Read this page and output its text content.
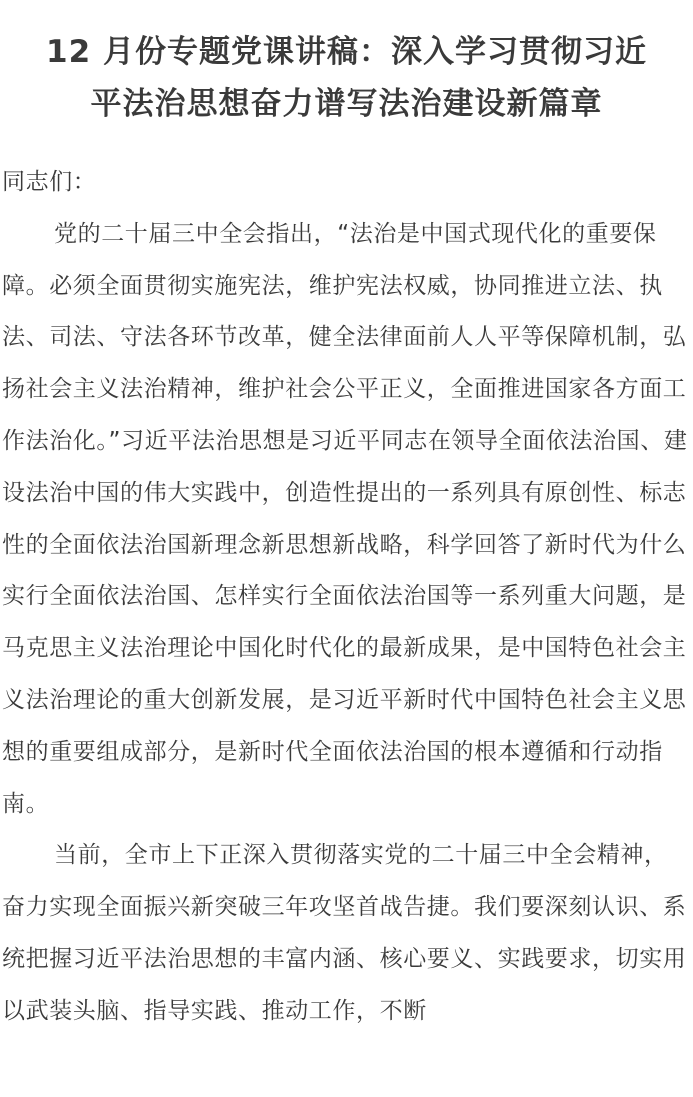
12 月份专题党课讲稿：深入学习贯彻习近
平法治思想奋力谱写法治建设新篇章

同志们：

党的二十届三中全会指出，“法治是中国式现代化的重要保障。必须全面贯彻实施宪法，维护宪法权威，协同推进立法、执法、司法、守法各环节改革，健全法律面前人人平等保障机制，弘扬社会主义法治精神，维护社会公平正义，全面推进国家各方面工作法治化。”习近平法治思想是习近平同志在领导全面依法治国、建设法治中国的伟大实践中，创造性提出的一系列具有原创性、标志性的全面依法治国新理念新思想新战略，科学回答了新时代为什么实行全面依法治国、怎样实行全面依法治国等一系列重大问题，是马克思主义法治理论中国化时代化的最新成果，是中国特色社会主义法治理论的重大创新发展，是习近平新时代中国特色社会主义思想的重要组成部分，是新时代全面依法治国的根本遵循和行动指南。

当前，全市上下正深入贯彻落实党的二十届三中全会精神，奋力实现全面振兴新突破三年攻坚首战告捷。我们要深刻认识、系统把握习近平法治思想的丰富内涵、核心要义、实践要求，切实用以武装头脑、指导实践、推动工作，不断
